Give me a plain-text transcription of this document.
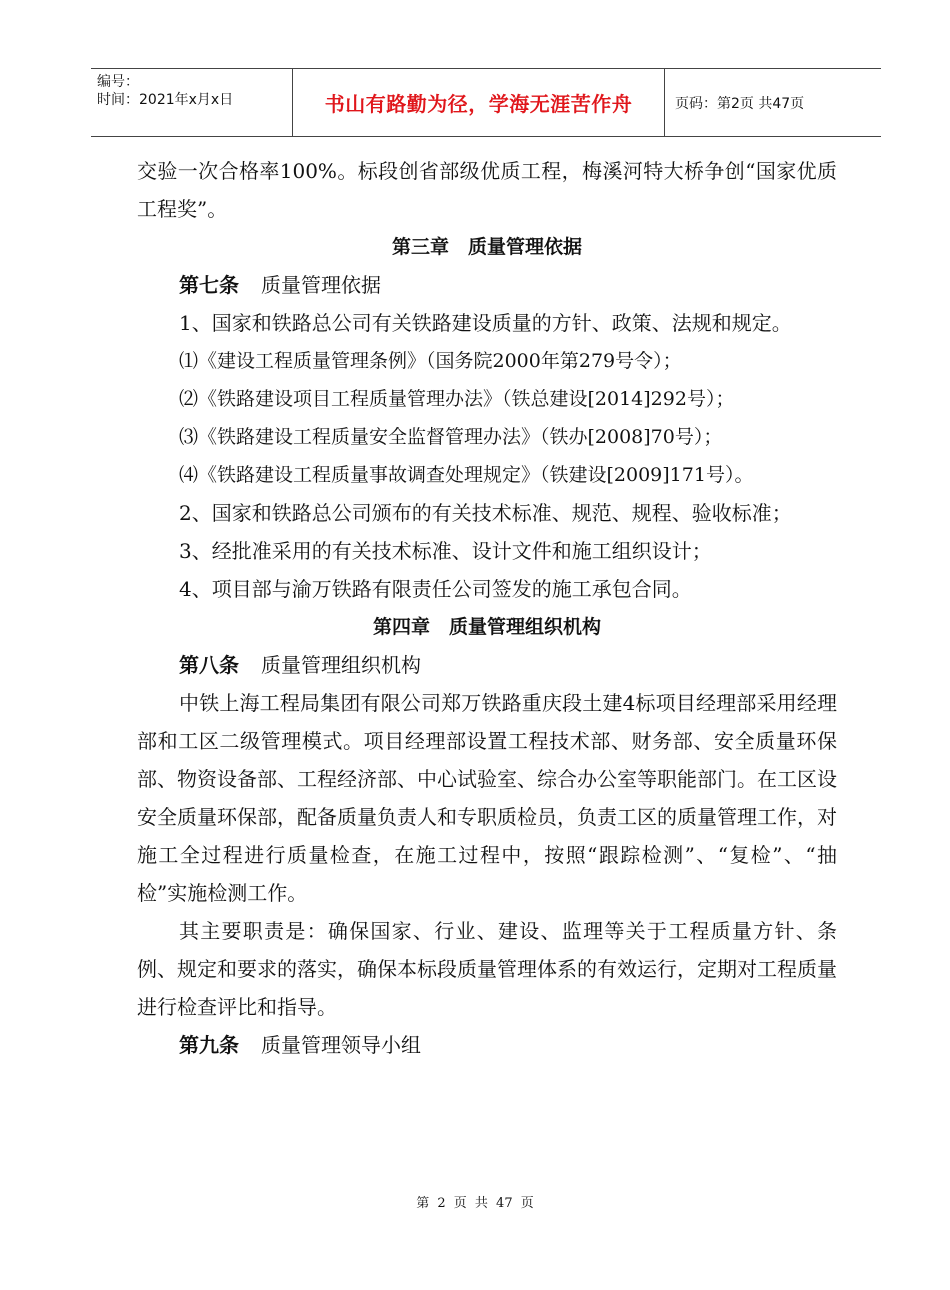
编号：
时间：2021年x月x日	书山有路勤为径，学海无涯苦作舟	页码：第2页 共47页

交验一次合格率100%。标段创省部级优质工程，梅溪河特大桥争创“国家优质工程奖”。

第三章　质量管理依据

第七条 质量管理依据

1、国家和铁路总公司有关铁路建设质量的方针、政策、法规和规定。

⑴《建设工程质量管理条例》（国务院2000年第279号令）；

⑵《铁路建设项目工程质量管理办法》（铁总建设[2014]292号）；

⑶《铁路建设工程质量安全监督管理办法》（铁办[2008]70号）；

⑷《铁路建设工程质量事故调查处理规定》（铁建设[2009]171号）。

2、国家和铁路总公司颁布的有关技术标准、规范、规程、验收标准；

3、经批准采用的有关技术标准、设计文件和施工组织设计；

4、项目部与渝万铁路有限责任公司签发的施工承包合同。

第四章　质量管理组织机构

第八条 质量管理组织机构

中铁上海工程局集团有限公司郑万铁路重庆段土建4标项目经理部采用经理部和工区二级管理模式。项目经理部设置工程技术部、财务部、安全质量环保部、物资设备部、工程经济部、中心试验室、综合办公室等职能部门。在工区设安全质量环保部，配备质量负责人和专职质检员，负责工区的质量管理工作，对施工全过程进行质量检查，在施工过程中，按照“跟踪检测”、“复检”、“抽检”实施检测工作。

其主要职责是：确保国家、行业、建设、监理等关于工程质量方针、条例、规定和要求的落实，确保本标段质量管理体系的有效运行，定期对工程质量进行检查评比和指导。

第九条 质量管理领导小组

第 2 页 共 47 页
